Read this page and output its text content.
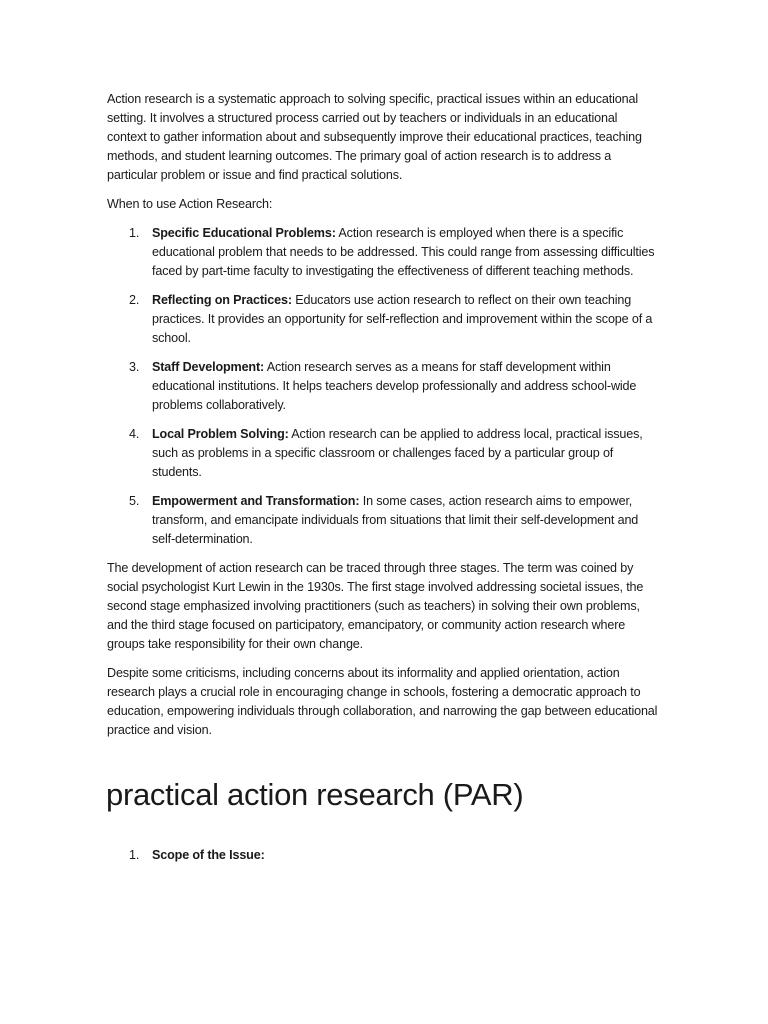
Action research is a systematic approach to solving specific, practical issues within an educational setting. It involves a structured process carried out by teachers or individuals in an educational context to gather information about and subsequently improve their educational practices, teaching methods, and student learning outcomes. The primary goal of action research is to address a particular problem or issue and find practical solutions.

When to use Action Research:

1. Specific Educational Problems: Action research is employed when there is a specific educational problem that needs to be addressed. This could range from assessing difficulties faced by part-time faculty to investigating the effectiveness of different teaching methods.
2. Reflecting on Practices: Educators use action research to reflect on their own teaching practices. It provides an opportunity for self-reflection and improvement within the scope of a school.
3. Staff Development: Action research serves as a means for staff development within educational institutions. It helps teachers develop professionally and address school-wide problems collaboratively.
4. Local Problem Solving: Action research can be applied to address local, practical issues, such as problems in a specific classroom or challenges faced by a particular group of students.
5. Empowerment and Transformation: In some cases, action research aims to empower, transform, and emancipate individuals from situations that limit their self-development and self-determination.

The development of action research can be traced through three stages. The term was coined by social psychologist Kurt Lewin in the 1930s. The first stage involved addressing societal issues, the second stage emphasized involving practitioners (such as teachers) in solving their own problems, and the third stage focused on participatory, emancipatory, or community action research where groups take responsibility for their own change.

Despite some criticisms, including concerns about its informality and applied orientation, action research plays a crucial role in encouraging change in schools, fostering a democratic approach to education, empowering individuals through collaboration, and narrowing the gap between educational practice and vision.

practical action research (PAR)
1. Scope of the Issue:
